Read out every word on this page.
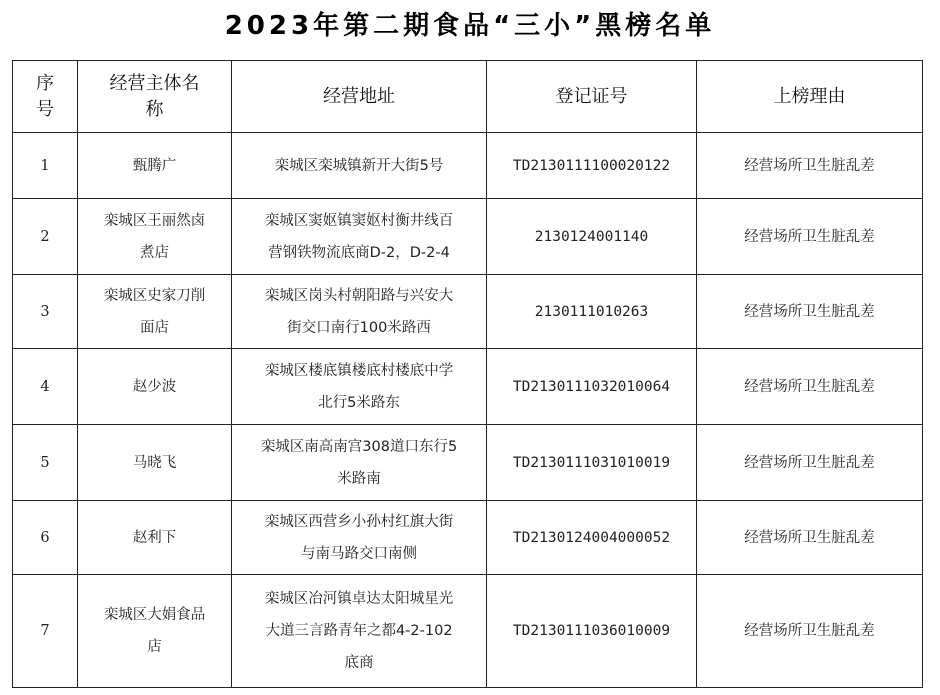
2023年第二期食品“三小”黑榜名单
序
号	经营主体名
称	经营地址	登记证号	上榜理由
1	甄腾广	栾城区栾城镇新开大街5号	TD2130111100020122	经营场所卫生脏乱差
2	栾城区王丽然卤
煮店	栾城区窦妪镇窦妪村衡井线百
营钢铁物流底商D-2，D-2-4	2130124001140	经营场所卫生脏乱差
3	栾城区史家刀削
面店	栾城区岗头村朝阳路与兴安大
街交口南行100米路西	2130111010263	经营场所卫生脏乱差
4	赵少波	栾城区楼底镇楼底村楼底中学
北行5米路东	TD2130111032010064	经营场所卫生脏乱差
5	马晓飞	栾城区南高南宫308道口东行5
米路南	TD2130111031010019	经营场所卫生脏乱差
6	赵利下	栾城区西营乡小孙村红旗大街
与南马路交口南侧	TD2130124004000052	经营场所卫生脏乱差
7	栾城区大娟食品
店	栾城区冶河镇卓达太阳城星光
大道三言路青年之都4-2-102
底商	TD2130111036010009	经营场所卫生脏乱差
